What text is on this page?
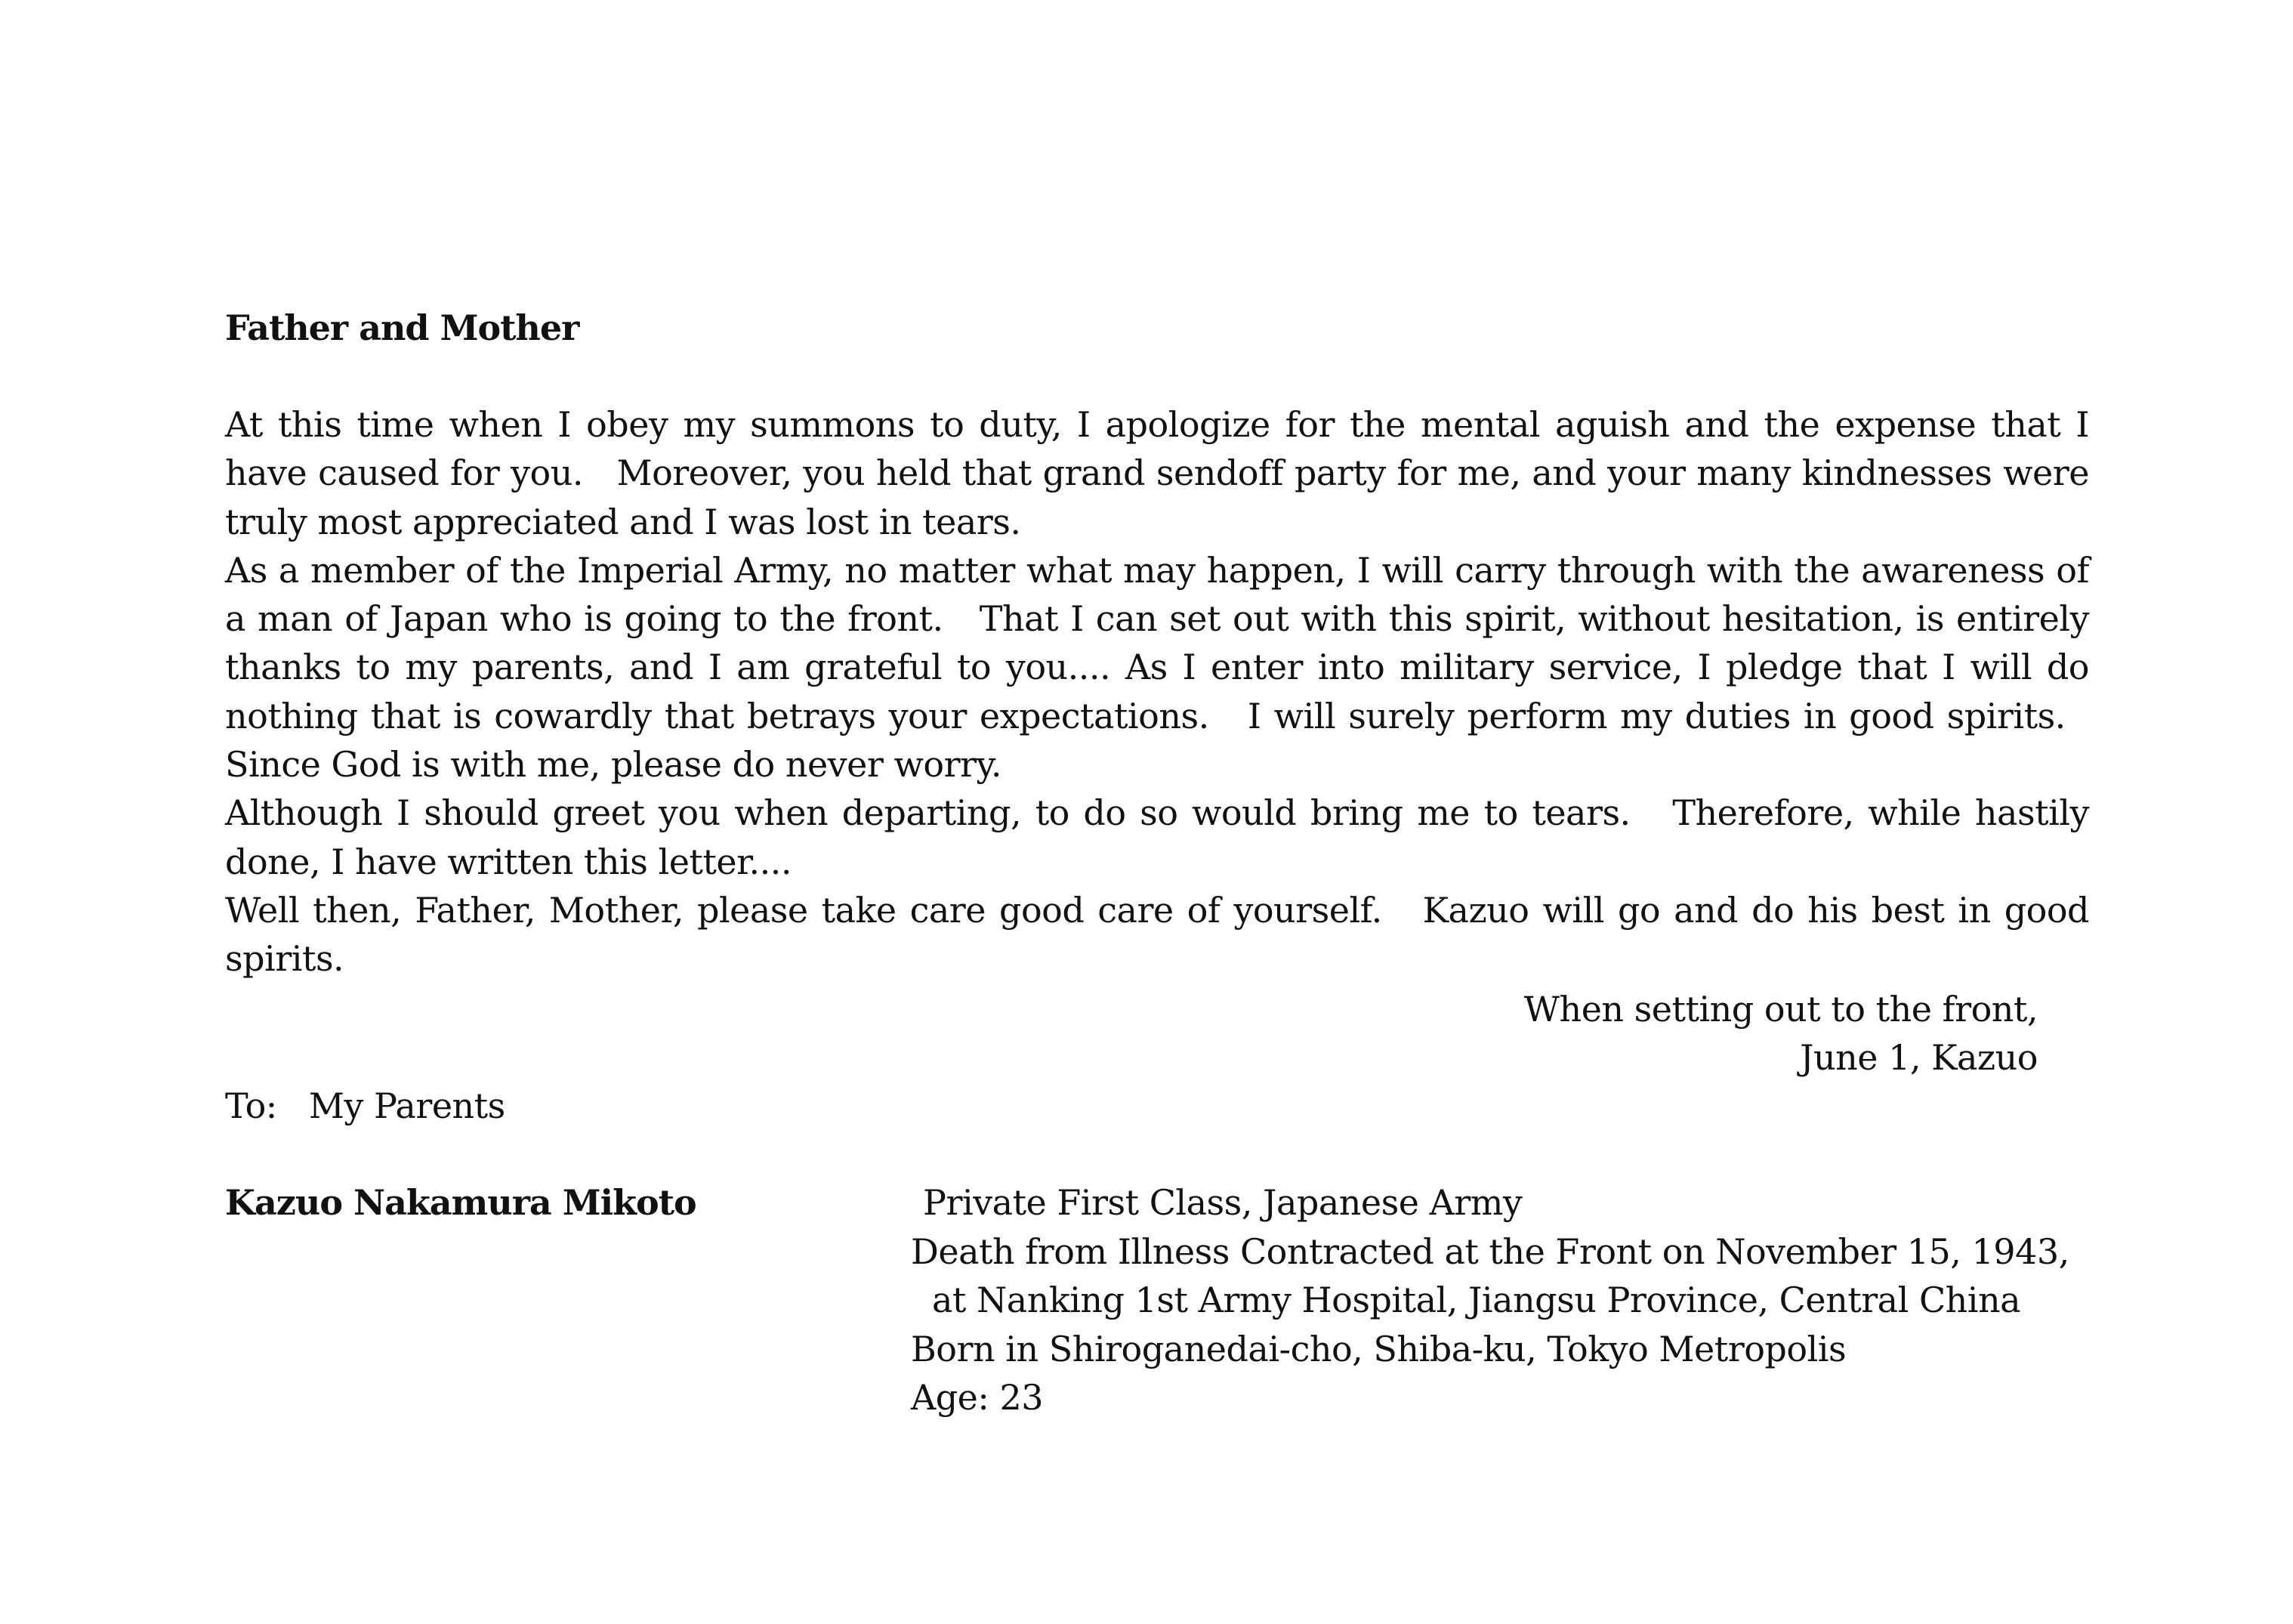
Father and Mother

At this time when I obey my summons to duty, I apologize for the mental aguish and the expense that I have caused for you.   Moreover, you held that grand sendoff party for me, and your many kindnesses were truly most appreciated and I was lost in tears.

As a member of the Imperial Army, no matter what may happen, I will carry through with the awareness of a man of Japan who is going to the front.   That I can set out with this spirit, without hesitation, is entirely thanks to my parents, and I am grateful to you.... As I enter into military service, I pledge that I will do nothing that is cowardly that betrays your expectations.   I will surely perform my duties in good spirits.   Since God is with me, please do never worry.

Although I should greet you when departing, to do so would bring me to tears.   Therefore, while hastily done, I have written this letter....

Well then, Father, Mother, please take care good care of yourself.   Kazuo will go and do his best in good spirits.

When setting out to the front,
June 1, Kazuo
To: My Parents
Kazuo Nakamura Mikoto	Private First Class, Japanese Army
Death from Illness Contracted at the Front on November 15, 1943,
at Nanking 1st Army Hospital, Jiangsu Province, Central China
Born in Shiroganedai-cho, Shiba-ku, Tokyo Metropolis
Age: 23
